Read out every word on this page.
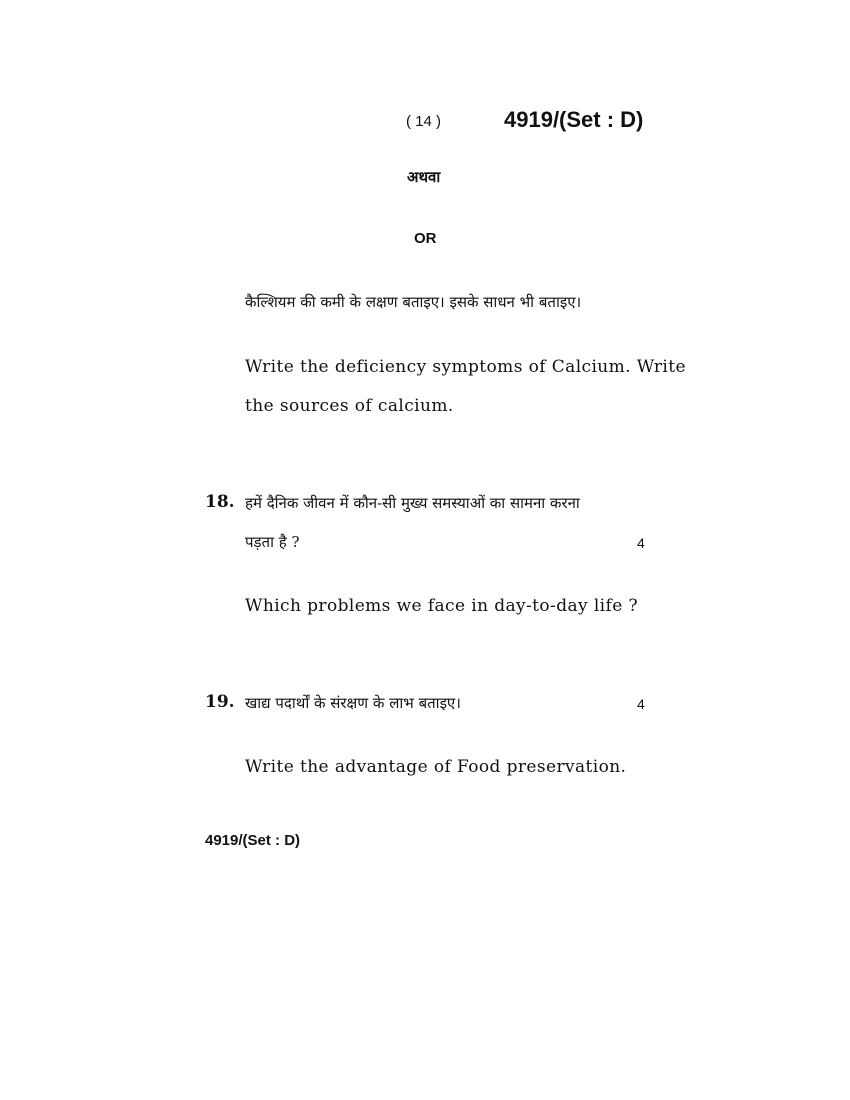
( 14 )	4919/(Set : D)
अथवा
OR
कैल्शियम की कमी के लक्षण बताइए। इसके साधन भी बताइए।
Write the deficiency symptoms of Calcium. Write
the sources of calcium.
18. हमें दैनिक जीवन में कौन-सी मुख्य समस्याओं का सामना करना
पड़ता है ?	4
Which problems we face in day-to-day life ?
19. खाद्य पदार्थों के संरक्षण के लाभ बताइए।	4
Write the advantage of Food preservation.
4919/(Set : D)
